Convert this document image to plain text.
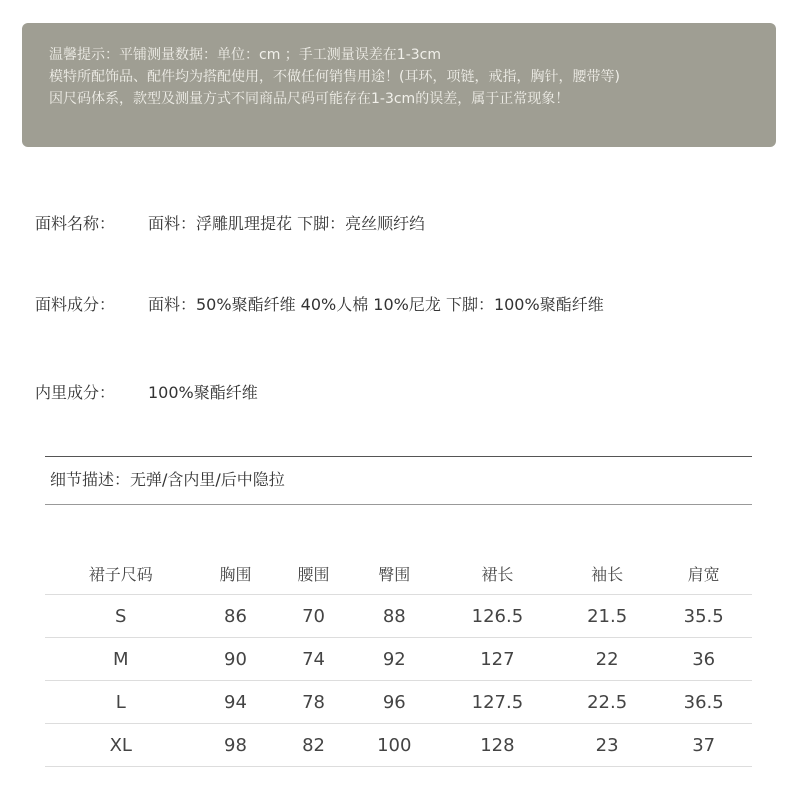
温馨提示：平铺测量数据：单位：cm ；手工测量误差在1-3cm
模特所配饰品、配件均为搭配使用，不做任何销售用途！(耳环，项链，戒指，胸针，腰带等)
因尺码体系，款型及测量方式不同商品尺码可能存在1-3cm的误差，属于正常现象！
面料名称： 面料：浮雕肌理提花 下脚：亮丝顺纡绉
面料成分： 面料：50%聚酯纤维 40%人棉 10%尼龙 下脚：100%聚酯纤维
内里成分： 100%聚酯纤维
细节描述：无弹/含内里/后中隐拉
裙子尺码	胸围	腰围	臀围	裙长	袖长	肩宽
S	86	70	88	126.5	21.5	35.5
M	90	74	92	127	22	36
L	94	78	96	127.5	22.5	36.5
XL	98	82	100	128	23	37
